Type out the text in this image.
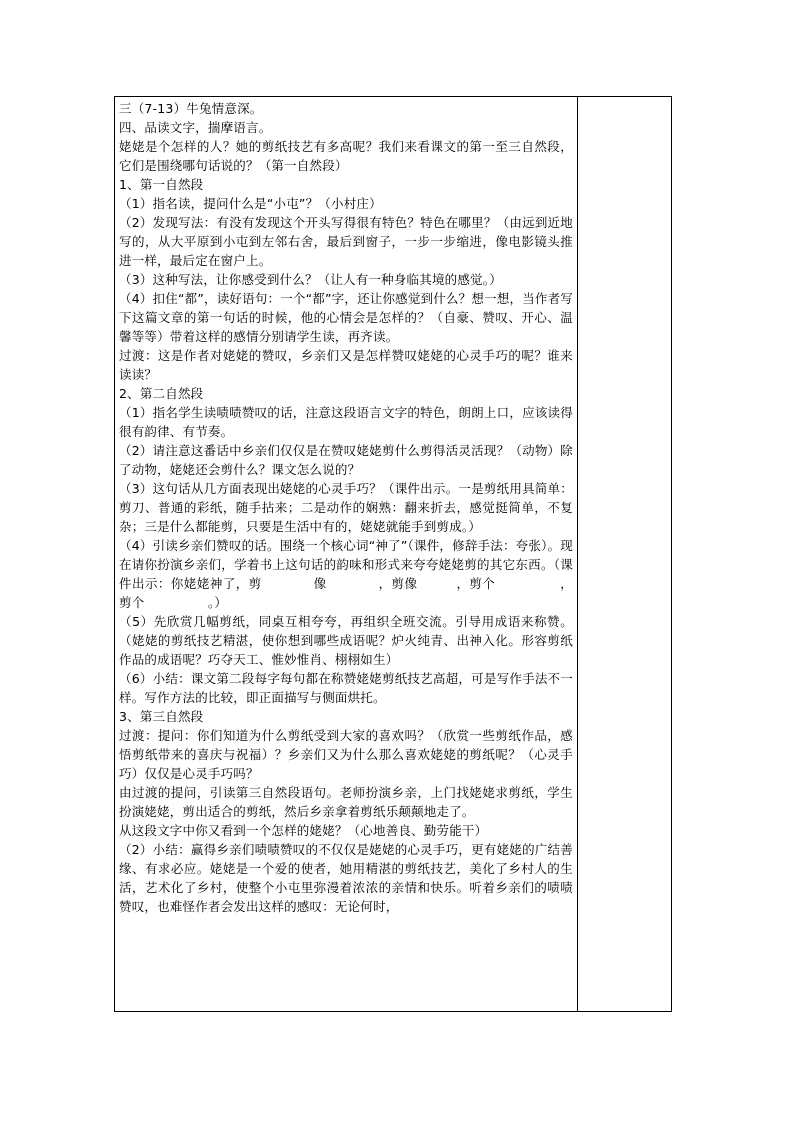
三（7-13）牛兔情意深。

四、品读文字，揣摩语言。

姥姥是个怎样的人？她的剪纸技艺有多高呢？我们来看课文的第一至三自然段，它们是围绕哪句话说的？（第一自然段）

1、第一自然段

（1）指名读，提问什么是“小屯”？（小村庄）

（2）发现写法：有没有发现这个开头写得很有特色？特色在哪里？（由远到近地写的，从大平原到小屯到左邻右舍，最后到窗子，一步一步缩进，像电影镜头推进一样，最后定在窗户上。

（3）这种写法，让你感受到什么？（让人有一种身临其境的感觉。）

（4）扣住“都”，读好语句：一个“都”字，还让你感觉到什么？想一想，当作者写下这篇文章的第一句话的时候，他的心情会是怎样的？（自豪、赞叹、开心、温馨等等）带着这样的感情分别请学生读，再齐读。

过渡：这是作者对姥姥的赞叹，乡亲们又是怎样赞叹姥姥的心灵手巧的呢？谁来读读？

2、第二自然段

（1）指名学生读啧啧赞叹的话，注意这段语言文字的特色，朗朗上口，应该读得很有韵律、有节奏。

（2）请注意这番话中乡亲们仅仅是在赞叹姥姥剪什么剪得活灵活现？（动物）除了动物，姥姥还会剪什么？课文怎么说的？

（3）这句话从几方面表现出姥姥的心灵手巧？（课件出示。一是剪纸用具简单：剪刀、普通的彩纸，随手拈来；二是动作的娴熟：翻来折去，感觉挺简单，不复杂；三是什么都能剪，只要是生活中有的，姥姥就能手到剪成。）

（4）引读乡亲们赞叹的话。围绕一个核心词“神了”（课件，修辞手法：夸张）。现在请你扮演乡亲们，学着书上这句话的韵味和形式来夸夸姥姥剪的其它东西。（课件出示：你姥姥神了，剪　　　　像　　　　，剪像　　　，剪个　　　　　，剪个　　　　　。）

（5）先欣赏几幅剪纸，同桌互相夸夸，再组织全班交流。引导用成语来称赞。（姥姥的剪纸技艺精湛，使你想到哪些成语呢？炉火纯青、出神入化。形容剪纸作品的成语呢？巧夺天工、惟妙惟肖、栩栩如生）

（6）小结：课文第二段每字每句都在称赞姥姥剪纸技艺高超，可是写作手法不一样。写作方法的比较，即正面描写与侧面烘托。

3、第三自然段

过渡：提问：你们知道为什么剪纸受到大家的喜欢吗？（欣赏一些剪纸作品，感悟剪纸带来的喜庆与祝福）？乡亲们又为什么那么喜欢姥姥的剪纸呢？（心灵手巧）仅仅是心灵手巧吗？

由过渡的提问，引读第三自然段语句。老师扮演乡亲，上门找姥姥求剪纸，学生扮演姥姥，剪出适合的剪纸，然后乡亲拿着剪纸乐颠颠地走了。

从这段文字中你又看到一个怎样的姥姥？（心地善良、勤劳能干）

（2）小结：赢得乡亲们啧啧赞叹的不仅仅是姥姥的心灵手巧，更有姥姥的广结善缘、有求必应。姥姥是一个爱的使者，她用精湛的剪纸技艺，美化了乡村人的生活，艺术化了乡村，使整个小屯里弥漫着浓浓的亲情和快乐。听着乡亲们的啧啧赞叹，也难怪作者会发出这样的感叹：无论何时，
